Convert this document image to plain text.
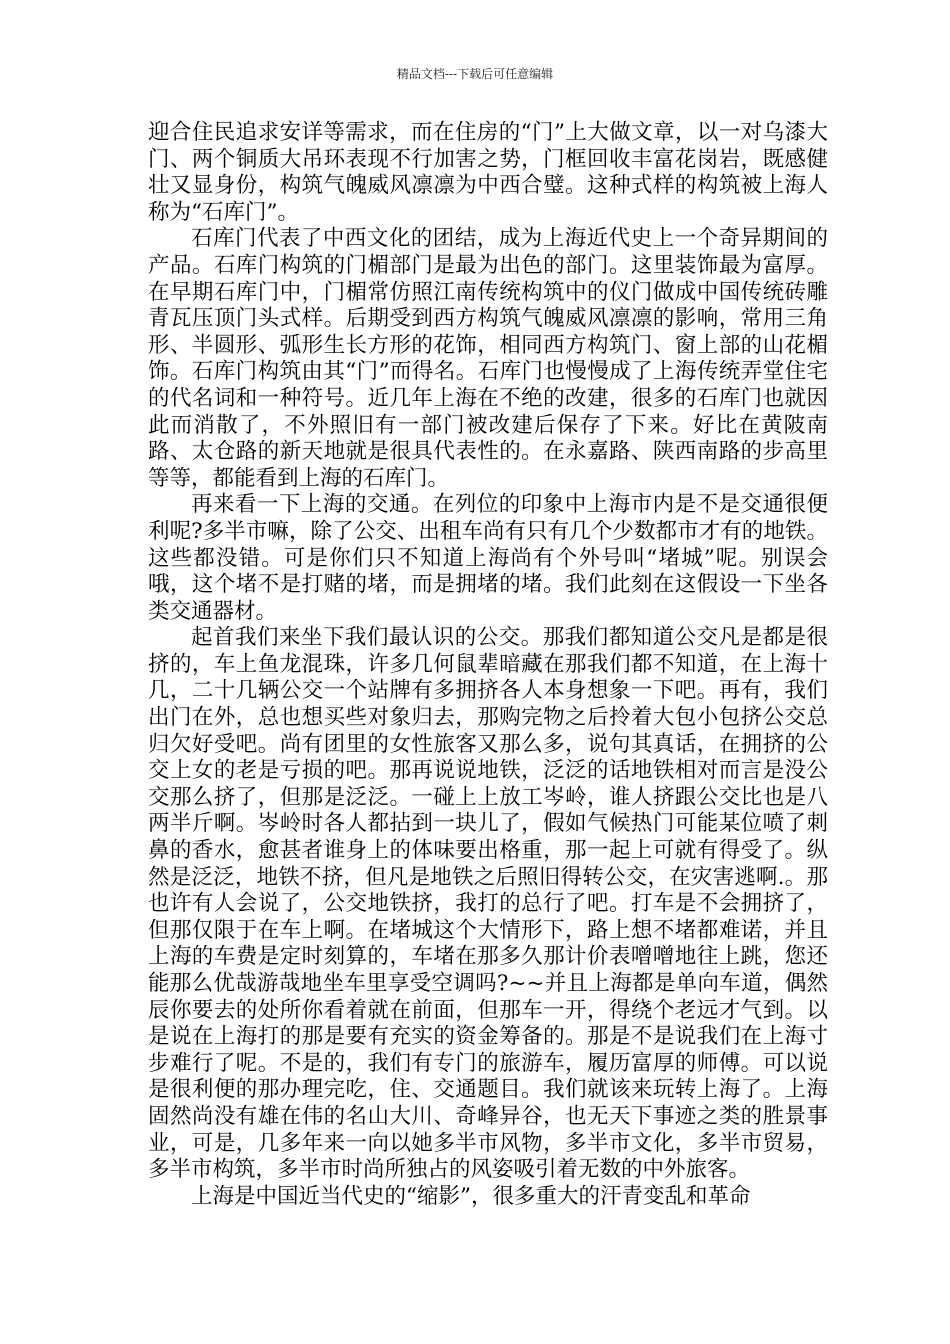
精品文档---下载后可任意编辑

迎合住民追求安详等需求，而在住房的“门”上大做文章，以一对乌漆大门、两个铜质大吊环表现不行加害之势，门框回收丰富花岗岩，既感健壮又显身份，构筑气魄威风凛凛为中西合璧。这种式样的构筑被上海人称为“石库门”。

石库门代表了中西文化的团结，成为上海近代史上一个奇异期间的产品。石库门构筑的门楣部门是最为出色的部门。这里装饰最为富厚。在早期石库门中，门楣常仿照江南传统构筑中的仪门做成中国传统砖雕青瓦压顶门头式样。后期受到西方构筑气魄威风凛凛的影响，常用三角形、半圆形、弧形生长方形的花饰，相同西方构筑门、窗上部的山花楣饰。石库门构筑由其“门”而得名。石库门也慢慢成了上海传统弄堂住宅的代名词和一种符号。近几年上海在不绝的改建，很多的石库门也就因此而消散了，不外照旧有一部门被改建后保存了下来。好比在黄陂南路、太仓路的新天地就是很具代表性的。在永嘉路、陕西南路的步高里等等，都能看到上海的石库门。

再来看一下上海的交通。在列位的印象中上海市内是不是交通很便利呢?多半市嘛，除了公交、出租车尚有只有几个少数都市才有的地铁。这些都没错。可是你们只不知道上海尚有个外号叫“堵城”呢。别误会哦，这个堵不是打赌的堵，而是拥堵的堵。我们此刻在这假设一下坐各类交通器材。

起首我们来坐下我们最认识的公交。那我们都知道公交凡是都是很挤的，车上鱼龙混珠，许多几何鼠辈暗藏在那我们都不知道，在上海十几，二十几辆公交一个站牌有多拥挤各人本身想象一下吧。再有，我们出门在外，总也想买些对象归去，那购完物之后拎着大包小包挤公交总归欠好受吧。尚有团里的女性旅客又那么多，说句其真话，在拥挤的公交上女的老是亏损的吧。那再说说地铁，泛泛的话地铁相对而言是没公交那么挤了，但那是泛泛。一碰上上放工岑岭，谁人挤跟公交比也是八两半斤啊。岑岭时各人都拈到一块儿了，假如气候热门可能某位喷了刺鼻的香水，愈甚者谁身上的体味要出格重，那一起上可就有得受了。纵然是泛泛，地铁不挤，但凡是地铁之后照旧得转公交，在灾害逃啊.。那也许有人会说了，公交地铁挤，我打的总行了吧。打车是不会拥挤了，但那仅限于在车上啊。在堵城这个大情形下，路上想不堵都难诺，并且上海的车费是定时刻算的，车堵在那多久那计价表噌噌地往上跳，您还能那么优哉游哉地坐车里享受空调吗?~~并且上海都是单向车道，偶然辰你要去的处所你看着就在前面，但那车一开，得绕个老远才气到。以是说在上海打的那是要有充实的资金筹备的。那是不是说我们在上海寸步难行了呢。不是的，我们有专门的旅游车，履历富厚的师傅。可以说是很利便的那办理完吃，住、交通题目。我们就该来玩转上海了。上海固然尚没有雄在伟的名山大川、奇峰异谷，也无天下事迹之类的胜景事业，可是，几多年来一向以她多半市风物，多半市文化，多半市贸易，多半市构筑，多半市时尚所独占的风姿吸引着无数的中外旅客。

上海是中国近当代史的“缩影”，很多重大的汗青变乱和革命
